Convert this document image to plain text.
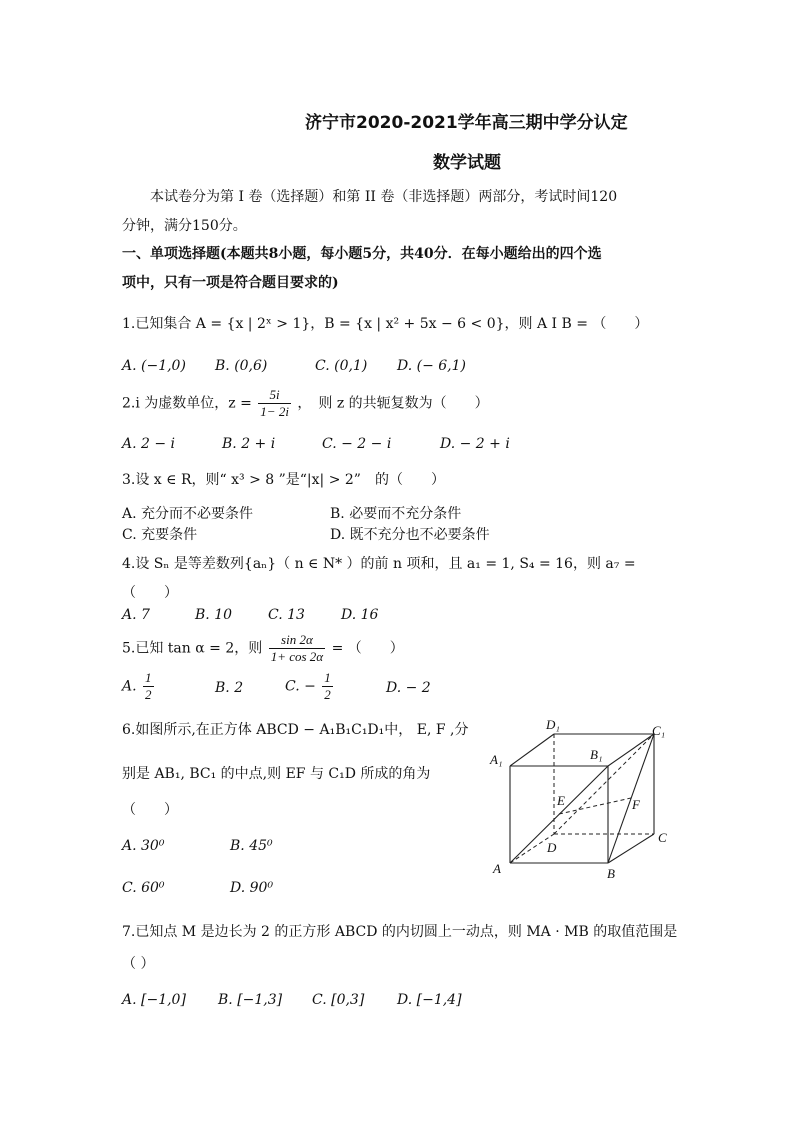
济宁市2020-2021学年高三期中学分认定
数学试题
本试卷分为第 I 卷（选择题）和第 II 卷（非选择题）两部分，考试时间120
分钟，满分150分。
一、单项选择题(本题共8小题，每小题5分，共40分．在每小题给出的四个选
项中，只有一项是符合题目要求的)
1.已知集合 A = {x | 2ˣ > 1}，B = {x | x² + 5x − 6 < 0}，则 A I B = （　　）
A. (−1,0) B. (0,6)	C. (0,1) D. (− 6,1)
2.i 为虚数单位，$z = \frac{5i}{1- 2i}$ ，　则 z 的共轭复数为（　　）
A. 2 − i	B. 2 + i	C. − 2 − i	D. − 2 + i
3.设 x ∈ R，则“ x³ > 8 ”是“|x| > 2”　的（　　）
A. 充分而不必要条件	B. 必要而不充分条件
C. 充要条件	D. 既不充分也不必要条件
4.设 Sₙ 是等差数列{aₙ}（ n ∈ N* ）的前 n 项和，且 a₁ = 1, S₄ = 16，则 a₇ =
（　　）
A. 7	B. 10	C. 13	D. 16
5.已知 tan α = 2，则 $\frac{\sin 2\alpha}{1+ \cos 2\alpha}$ = （　　）
A. $\frac{1}{2}$	B. 2	C. − $\frac{1}{2}$	D. − 2
6.如图所示,在正方体 ABCD − A₁B₁C₁D₁中， E, F ,分
别是 AB₁, BC₁ 的中点,则 EF 与 C₁D 所成的角为
（　　）
A. 30⁰	B. 45⁰
C. 60⁰	D. 90⁰
D₁	C₁
B₁
A₁
E	F
D
C
A	B
7.已知点 M 是边长为 2 的正方形 ABCD 的内切圆上一动点，则 MA · MB 的取值范围是
（ ）
A. [−1,0] B. [−1,3] C. [0,3] D. [−1,4]
